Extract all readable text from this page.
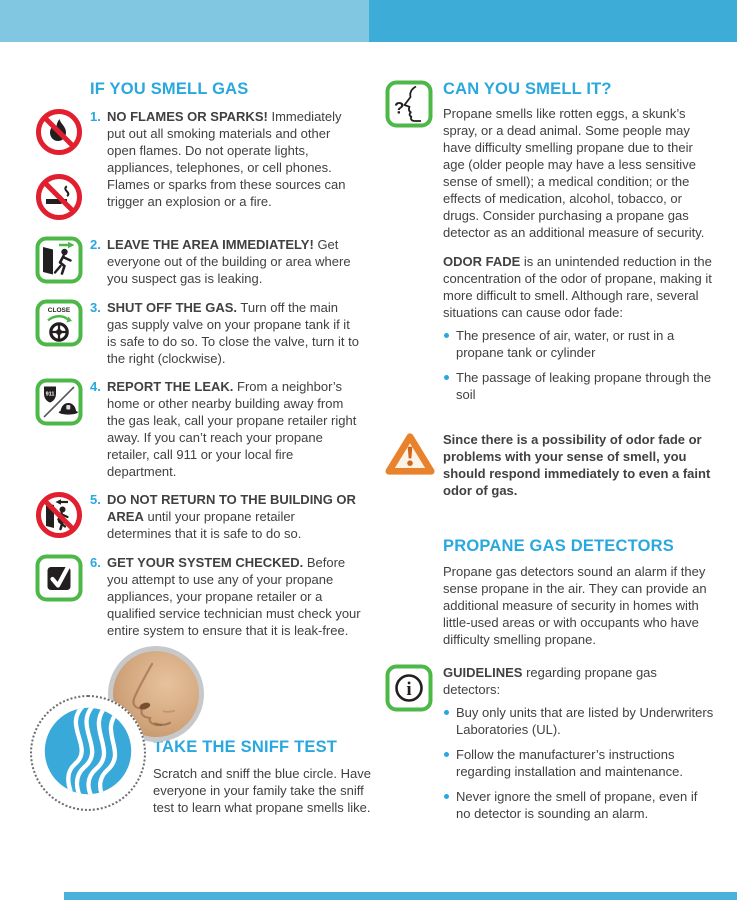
IF YOU SMELL GAS
1. NO FLAMES OR SPARKS! Immediately put out all smoking materials and other open flames. Do not operate lights, appliances, telephones, or cell phones. Flames or sparks from these sources can trigger an explosion or a fire.

2. LEAVE THE AREA IMMEDIATELY! Get everyone out of the building or area where you suspect gas is leaking.

CLOSE 3. SHUT OFF THE GAS. Turn off the main gas supply valve on your propane tank if it is safe to do so. To close the valve, turn it to the right (clockwise).

911
4. REPORT THE LEAK. From a neighbor’s home or other nearby building away from the gas leak, call your propane retailer right away. If you can’t reach your propane retailer, call 911 or your local fire department.

5. DO NOT RETURN TO THE BUILDING OR AREA until your propane retailer determines that it is safe to do so.

6. GET YOUR SYSTEM CHECKED. Before you attempt to use any of your propane appliances, your propane retailer or a qualified service technician must check your entire system to ensure that it is leak-free.

TAKE THE SNIFF TEST

Scratch and sniff the blue circle. Have everyone in your family take the sniff test to learn what propane smells like.

?
CAN YOU SMELL IT?

Propane smells like rotten eggs, a skunk’s spray, or a dead animal. Some people may have difficulty smelling propane due to their age (older people may have a less sensitive sense of smell); a medical condition; or the effects of medication, alcohol, tobacco, or drugs. Consider purchasing a propane gas detector as an additional measure of security.

ODOR FADE is an unintended reduction in the concentration of the odor of propane, making it more difficult to smell. Although rare, several situations can cause odor fade:

The presence of air, water, or rust in a propane tank or cylinder
The passage of leaking propane through the soil

Since there is a possibility of odor fade or problems with your sense of smell, you should respond immediately to even a faint odor of gas.

PROPANE GAS DETECTORS

Propane gas detectors sound an alarm if they sense propane in the air. They can provide an additional measure of security in homes with little-used areas or with occupants who have difficulty smelling propane.

i

GUIDELINES regarding propane gas detectors:

Buy only units that are listed by Underwriters Laboratories (UL).
Follow the manufacturer’s instructions regarding installation and maintenance.
Never ignore the smell of propane, even if no detector is sounding an alarm.
